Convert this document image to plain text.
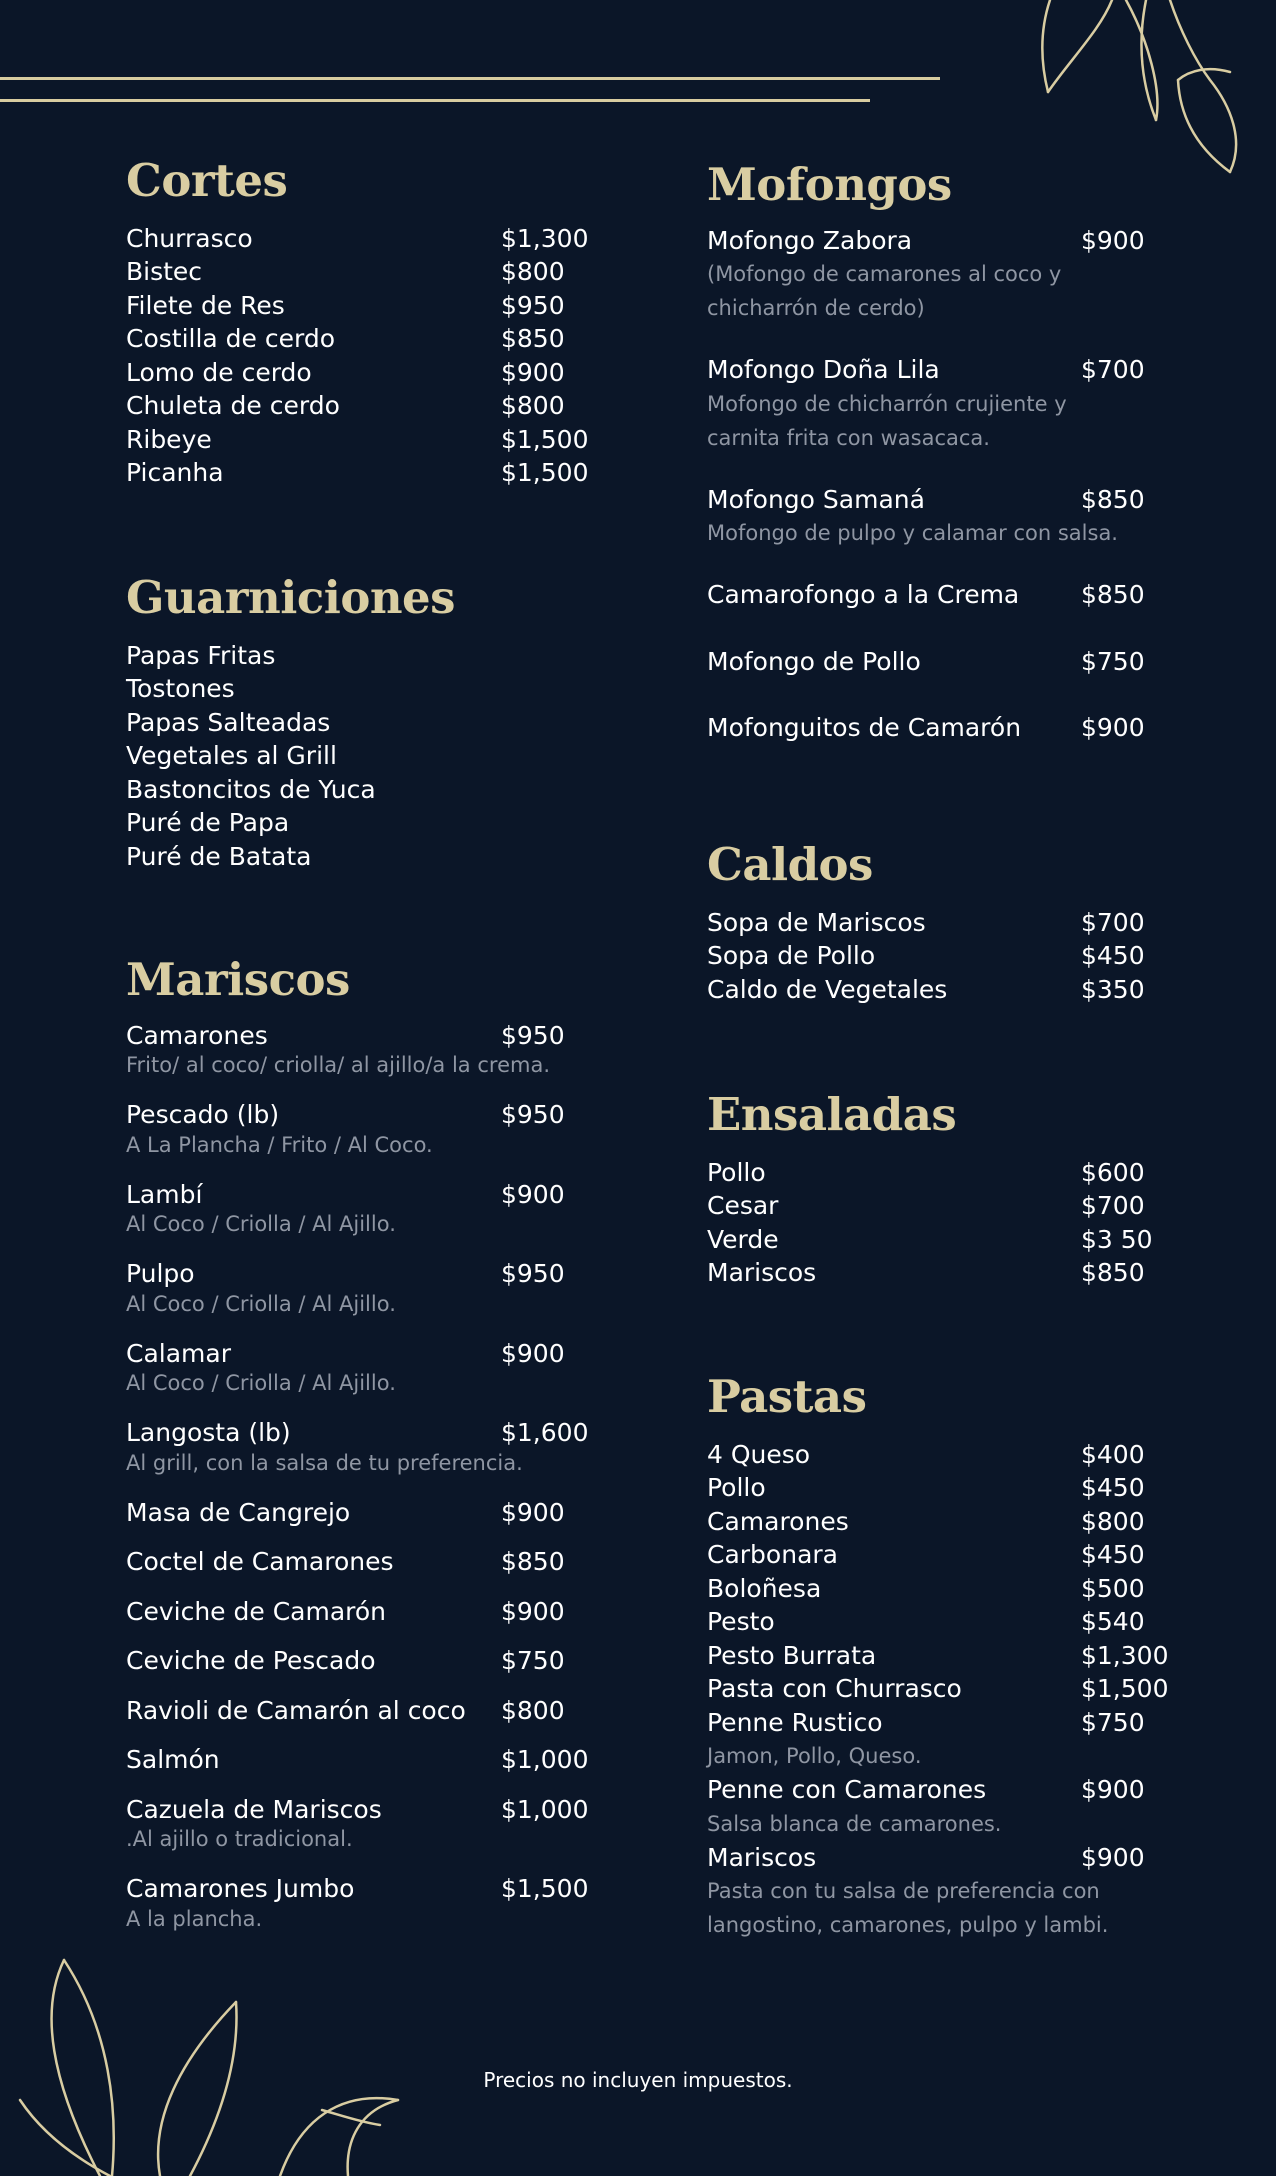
Cortes
Churrasco	$1,300
Bistec	$800
Filete de Res	$950
Costilla de cerdo	$850
Lomo de cerdo	$900
Chuleta de cerdo	$800
Ribeye	$1,500
Picanha	$1,500
Guarniciones
Papas Fritas
Tostones
Papas Salteadas
Vegetales al Grill
Bastoncitos de Yuca
Puré de Papa
Puré de Batata
Mariscos
Camarones	$950
Frito/ al coco/ criolla/ al ajillo/a la crema.
Pescado (lb)	$950
A La Plancha / Frito / Al Coco.
Lambí	$900
Al Coco / Criolla / Al Ajillo.
Pulpo	$950
Al Coco / Criolla / Al Ajillo.
Calamar	$900
Al Coco / Criolla / Al Ajillo.
Langosta (lb)	$1,600
Al grill, con la salsa de tu preferencia.
Masa de Cangrejo	$900
Coctel de Camarones	$850
Ceviche de Camarón	$900
Ceviche de Pescado	$750
Ravioli de Camarón al coco $800
Salmón	$1,000
Cazuela de Mariscos	$1,000
.Al ajillo o tradicional.
Camarones Jumbo	$1,500
A la plancha.
Mofongos
Mofongo Zabora	$900
(Mofongo de camarones al coco y chicharrón de cerdo)
Mofongo Doña Lila	$700
Mofongo de chicharrón crujiente y carnita frita con wasacaca.
Mofongo Samaná	$850
Mofongo de pulpo y calamar con salsa.
Camarofongo a la Crema $850
Mofongo de Pollo	$750
Mofonguitos de Camarón $900
Caldos
Sopa de Mariscos	$700
Sopa de Pollo	$450
Caldo de Vegetales	$350
Ensaladas
Pollo	$600
Cesar	$700
Verde	$3 50
Mariscos	$850
Pastas
4 Queso	$400
Pollo	$450
Camarones	$800
Carbonara	$450
Boloñesa	$500
Pesto	$540
Pesto Burrata	$1,300
Pasta con Churrasco	$1,500
Penne Rustico	$750
Jamon, Pollo, Queso.
Penne con Camarones	$900
Salsa blanca de camarones.
Mariscos	$900
Pasta con tu salsa de preferencia con langostino, camarones, pulpo y lambi.
Precios no incluyen impuestos.
